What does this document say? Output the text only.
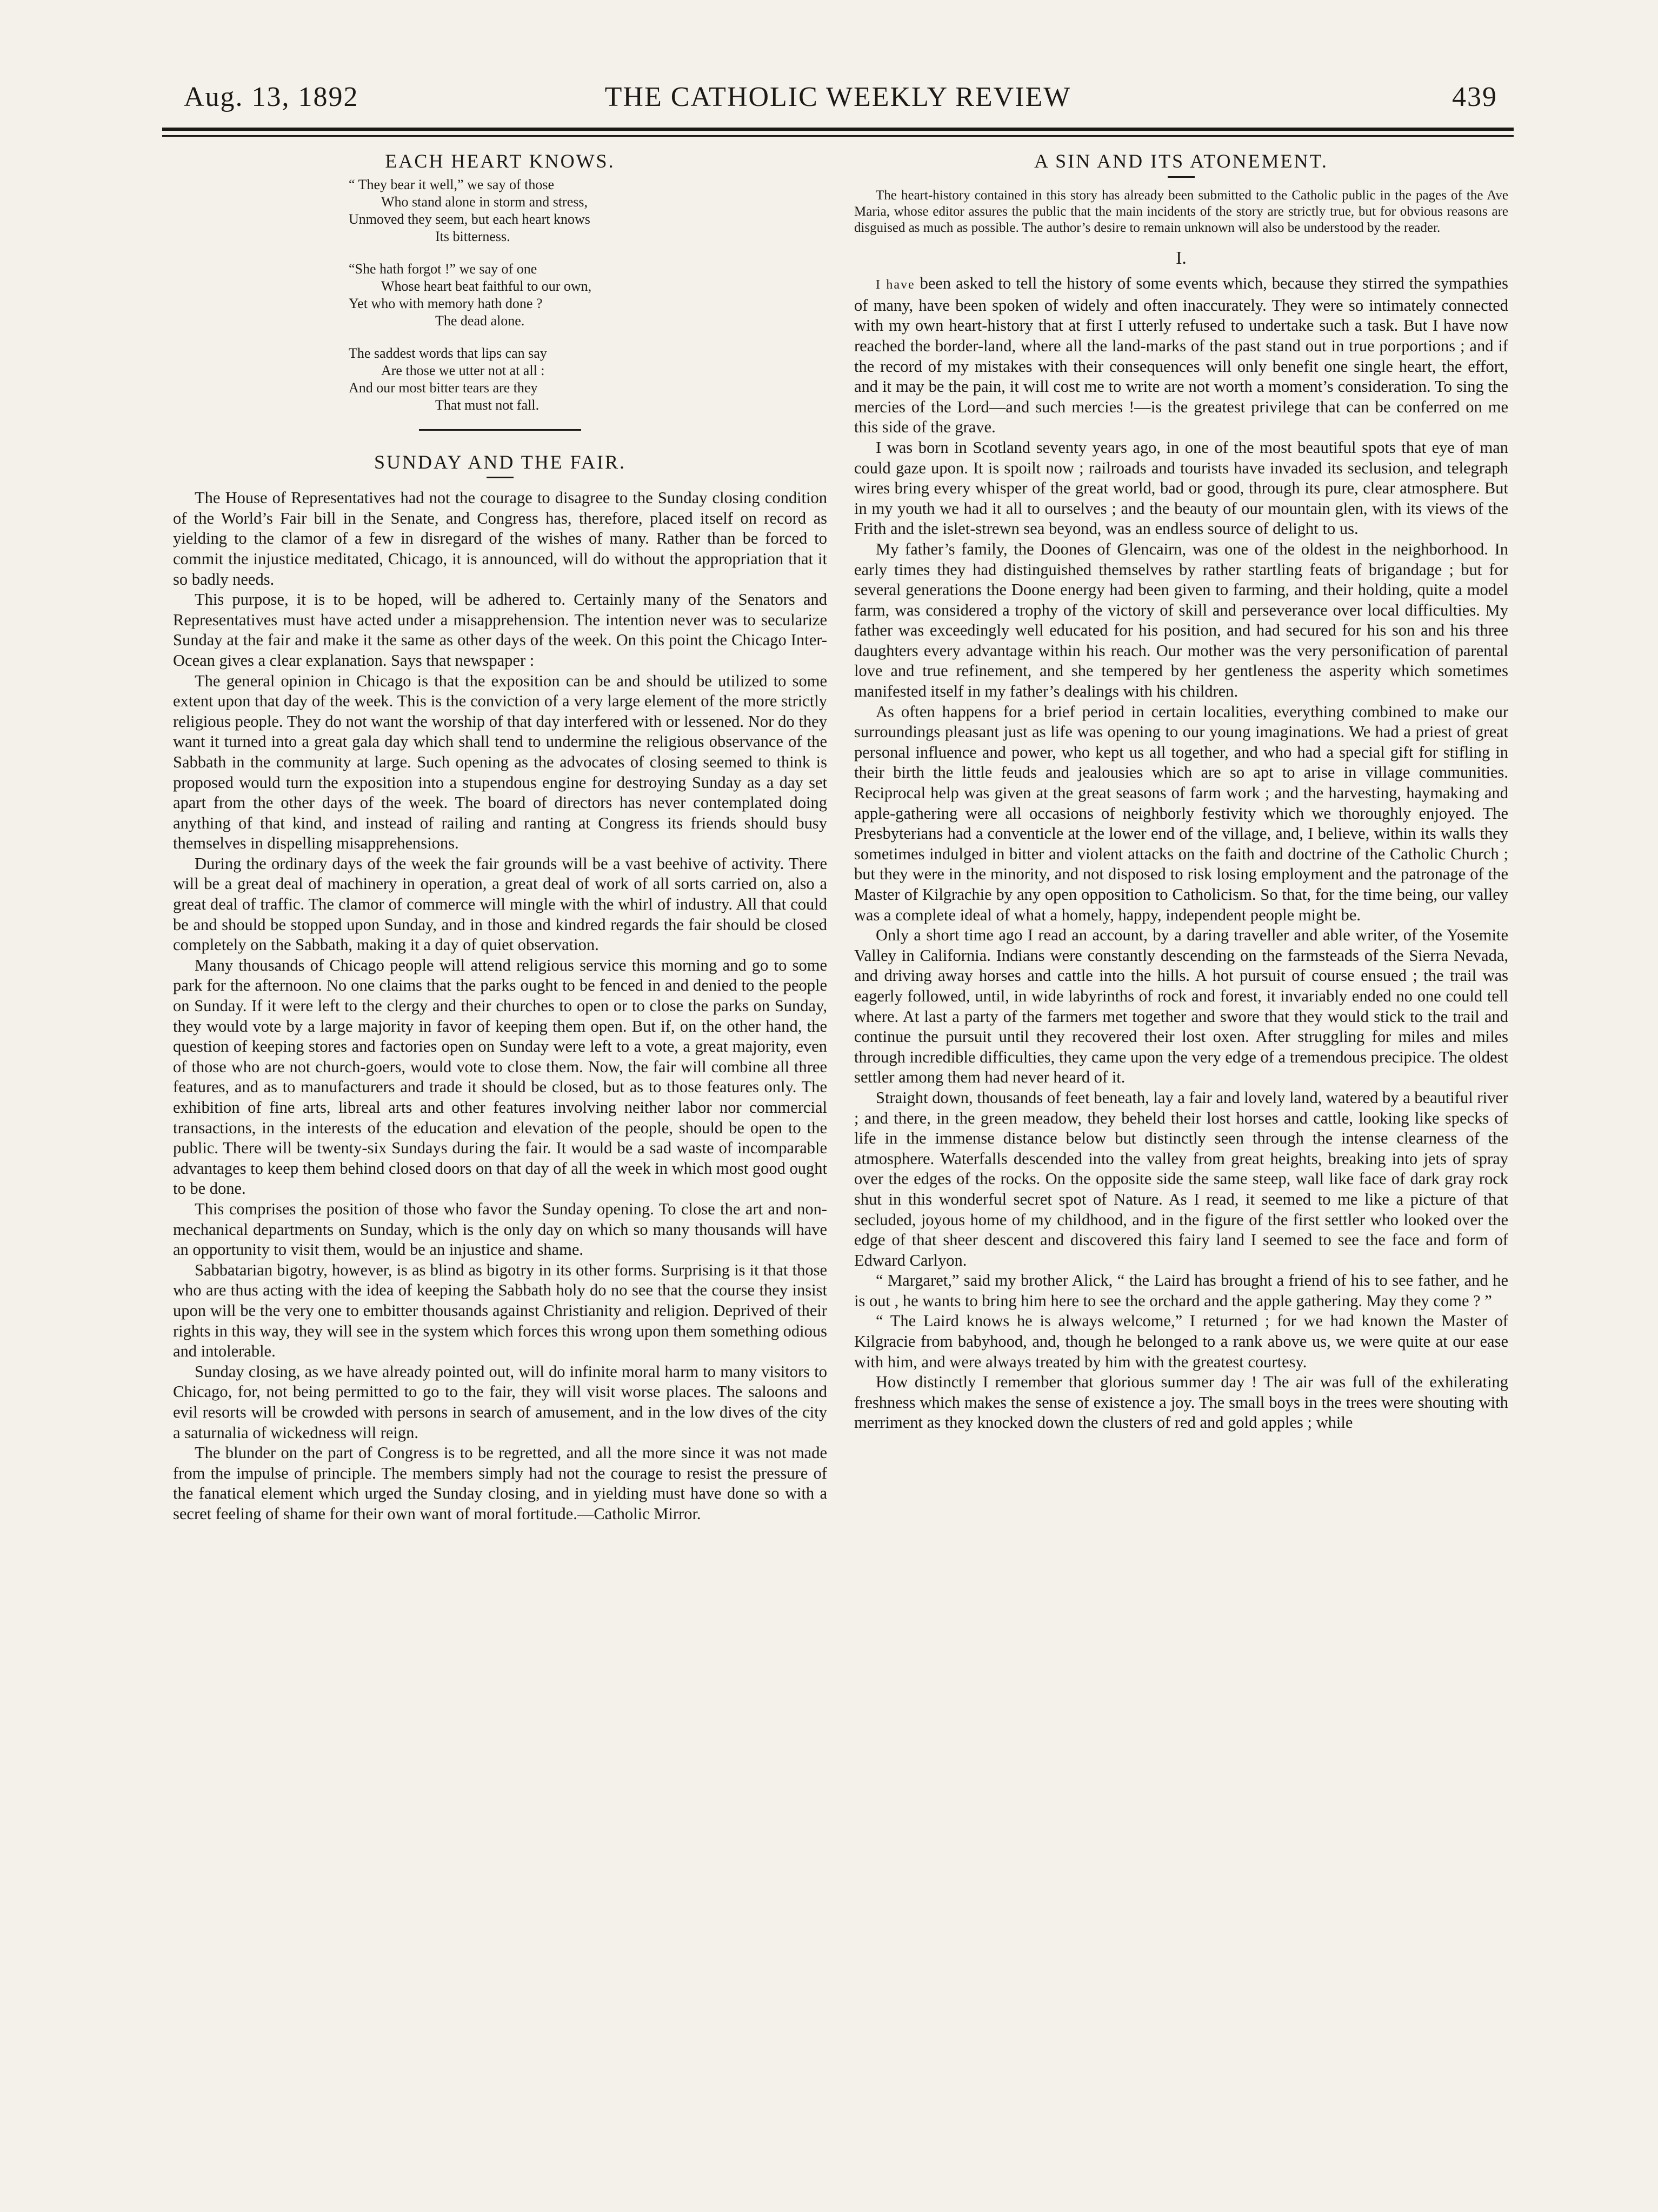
Aug. 13, 1892	THE CATHOLIC WEEKLY REVIEW	439
EACH HEART KNOWS.
“ They bear it well,” we say of those
Who stand alone in storm and stress,
Unmoved they seem, but each heart knows
Its bitterness.
“She hath forgot !” we say of one
Whose heart beat faithful to our own,
Yet who with memory hath done ?
The dead alone.
The saddest words that lips can say
Are those we utter not at all :
And our most bitter tears are they
That must not fall.
SUNDAY AND THE FAIR.

The House of Representatives had not the courage to disagree to the Sunday closing condition of the World’s Fair bill in the Senate, and Congress has, therefore, placed itself on record as yielding to the clamor of a few in disregard of the wishes of many. Rather than be forced to commit the injustice meditated, Chicago, it is announced, will do without the appropriation that it so badly needs.

This purpose, it is to be hoped, will be adhered to. Certainly many of the Senators and Representatives must have acted under a misapprehension. The intention never was to secularize Sunday at the fair and make it the same as other days of the week. On this point the Chicago Inter-Ocean gives a clear explanation. Says that newspaper :

The general opinion in Chicago is that the exposition can be and should be utilized to some extent upon that day of the week. This is the conviction of a very large element of the more strictly religious people. They do not want the worship of that day interfered with or lessened. Nor do they want it turned into a great gala day which shall tend to undermine the religious observance of the Sabbath in the community at large. Such opening as the advocates of closing seemed to think is proposed would turn the exposition into a stupendous engine for destroying Sunday as a day set apart from the other days of the week. The board of directors has never contemplated doing anything of that kind, and instead of railing and ranting at Congress its friends should busy themselves in dispelling misapprehensions.

During the ordinary days of the week the fair grounds will be a vast beehive of activity. There will be a great deal of machinery in operation, a great deal of work of all sorts carried on, also a great deal of traffic. The clamor of commerce will mingle with the whirl of industry. All that could be and should be stopped upon Sunday, and in those and kindred regards the fair should be closed completely on the Sabbath, making it a day of quiet observation.

Many thousands of Chicago people will attend religious service this morning and go to some park for the afternoon. No one claims that the parks ought to be fenced in and denied to the people on Sunday. If it were left to the clergy and their churches to open or to close the parks on Sunday, they would vote by a large majority in favor of keeping them open. But if, on the other hand, the question of keeping stores and factories open on Sunday were left to a vote, a great majority, even of those who are not church-goers, would vote to close them. Now, the fair will combine all three features, and as to manufacturers and trade it should be closed, but as to those features only. The exhibition of fine arts, libreal arts and other features involving neither labor nor commercial transactions, in the interests of the education and elevation of the people, should be open to the public. There will be twenty-six Sundays during the fair. It would be a sad waste of incomparable advantages to keep them behind closed doors on that day of all the week in which most good ought to be done.

This comprises the position of those who favor the Sunday opening. To close the art and non-mechanical departments on Sunday, which is the only day on which so many thousands will have an opportunity to visit them, would be an injustice and shame.

Sabbatarian bigotry, however, is as blind as bigotry in its other forms. Surprising is it that those who are thus acting with the idea of keeping the Sabbath holy do no see that the course they insist upon will be the very one to embitter thousands against Christianity and religion. Deprived of their rights in this way, they will see in the system which forces this wrong upon them something odious and intolerable.

Sunday closing, as we have already pointed out, will do infinite moral harm to many visitors to Chicago, for, not being permitted to go to the fair, they will visit worse places. The saloons and evil resorts will be crowded with persons in search of amusement, and in the low dives of the city a saturnalia of wickedness will reign.

The blunder on the part of Congress is to be regretted, and all the more since it was not made from the impulse of principle. The members simply had not the courage to resist the pressure of the fanatical element which urged the Sunday closing, and in yielding must have done so with a secret feeling of shame for their own want of moral fortitude.—Catholic Mirror.

A SIN AND ITS ATONEMENT.
The heart-history contained in this story has already been submitted to the Catholic public in the pages of the Ave Maria, whose editor assures the public that the main incidents of the story are strictly true, but for obvious reasons are disguised as much as possible. The author’s desire to remain unknown will also be understood by the reader.
I.

I have been asked to tell the history of some events which, because they stirred the sympathies of many, have been spoken of widely and often inaccurately. They were so intimately connected with my own heart-history that at first I utterly refused to undertake such a task. But I have now reached the border-land, where all the land-marks of the past stand out in true porportions ; and if the record of my mistakes with their consequences will only benefit one single heart, the effort, and it may be the pain, it will cost me to write are not worth a moment’s consideration. To sing the mercies of the Lord—and such mercies !—is the greatest privilege that can be conferred on me this side of the grave.

I was born in Scotland seventy years ago, in one of the most beautiful spots that eye of man could gaze upon. It is spoilt now ; railroads and tourists have invaded its seclusion, and telegraph wires bring every whisper of the great world, bad or good, through its pure, clear atmosphere. But in my youth we had it all to ourselves ; and the beauty of our mountain glen, with its views of the Frith and the islet-strewn sea beyond, was an endless source of delight to us.

My father’s family, the Doones of Glencairn, was one of the oldest in the neighborhood. In early times they had distinguished themselves by rather startling feats of brigandage ; but for several generations the Doone energy had been given to farming, and their holding, quite a model farm, was considered a trophy of the victory of skill and perseverance over local difficulties. My father was exceedingly well educated for his position, and had secured for his son and his three daughters every advantage within his reach. Our mother was the very personification of parental love and true refinement, and she tempered by her gentleness the asperity which sometimes manifested itself in my father’s dealings with his children.

As often happens for a brief period in certain localities, everything combined to make our surroundings pleasant just as life was opening to our young imaginations. We had a priest of great personal influence and power, who kept us all together, and who had a special gift for stifling in their birth the little feuds and jealousies which are so apt to arise in village communities. Reciprocal help was given at the great seasons of farm work ; and the harvesting, haymaking and apple-gathering were all occasions of neighborly festivity which we thoroughly enjoyed. The Presbyterians had a conventicle at the lower end of the village, and, I believe, within its walls they sometimes indulged in bitter and violent attacks on the faith and doctrine of the Catholic Church ; but they were in the minority, and not disposed to risk losing employment and the patronage of the Master of Kilgrachie by any open opposition to Catholicism. So that, for the time being, our valley was a complete ideal of what a homely, happy, independent people might be.

Only a short time ago I read an account, by a daring traveller and able writer, of the Yosemite Valley in California. Indians were constantly descending on the farmsteads of the Sierra Nevada, and driving away horses and cattle into the hills. A hot pursuit of course ensued ; the trail was eagerly followed, until, in wide labyrinths of rock and forest, it invariably ended no one could tell where. At last a party of the farmers met together and swore that they would stick to the trail and continue the pursuit until they recovered their lost oxen. After struggling for miles and miles through incredible difficulties, they came upon the very edge of a tremendous precipice. The oldest settler among them had never heard of it.

Straight down, thousands of feet beneath, lay a fair and lovely land, watered by a beautiful river ; and there, in the green meadow, they beheld their lost horses and cattle, looking like specks of life in the immense distance below but distinctly seen through the intense clearness of the atmosphere. Waterfalls descended into the valley from great heights, breaking into jets of spray over the edges of the rocks. On the opposite side the same steep, wall like face of dark gray rock shut in this wonderful secret spot of Nature. As I read, it seemed to me like a picture of that secluded, joyous home of my childhood, and in the figure of the first settler who looked over the edge of that sheer descent and discovered this fairy land I seemed to see the face and form of Edward Carlyon.

“ Margaret,” said my brother Alick, “ the Laird has brought a friend of his to see father, and he is out , he wants to bring him here to see the orchard and the apple gathering. May they come ? ”

“ The Laird knows he is always welcome,” I returned ; for we had known the Master of Kilgracie from babyhood, and, though he belonged to a rank above us, we were quite at our ease with him, and were always treated by him with the greatest courtesy.

How distinctly I remember that glorious summer day ! The air was full of the exhilerating freshness which makes the sense of existence a joy. The small boys in the trees were shouting with merriment as they knocked down the clusters of red and gold apples ; while
